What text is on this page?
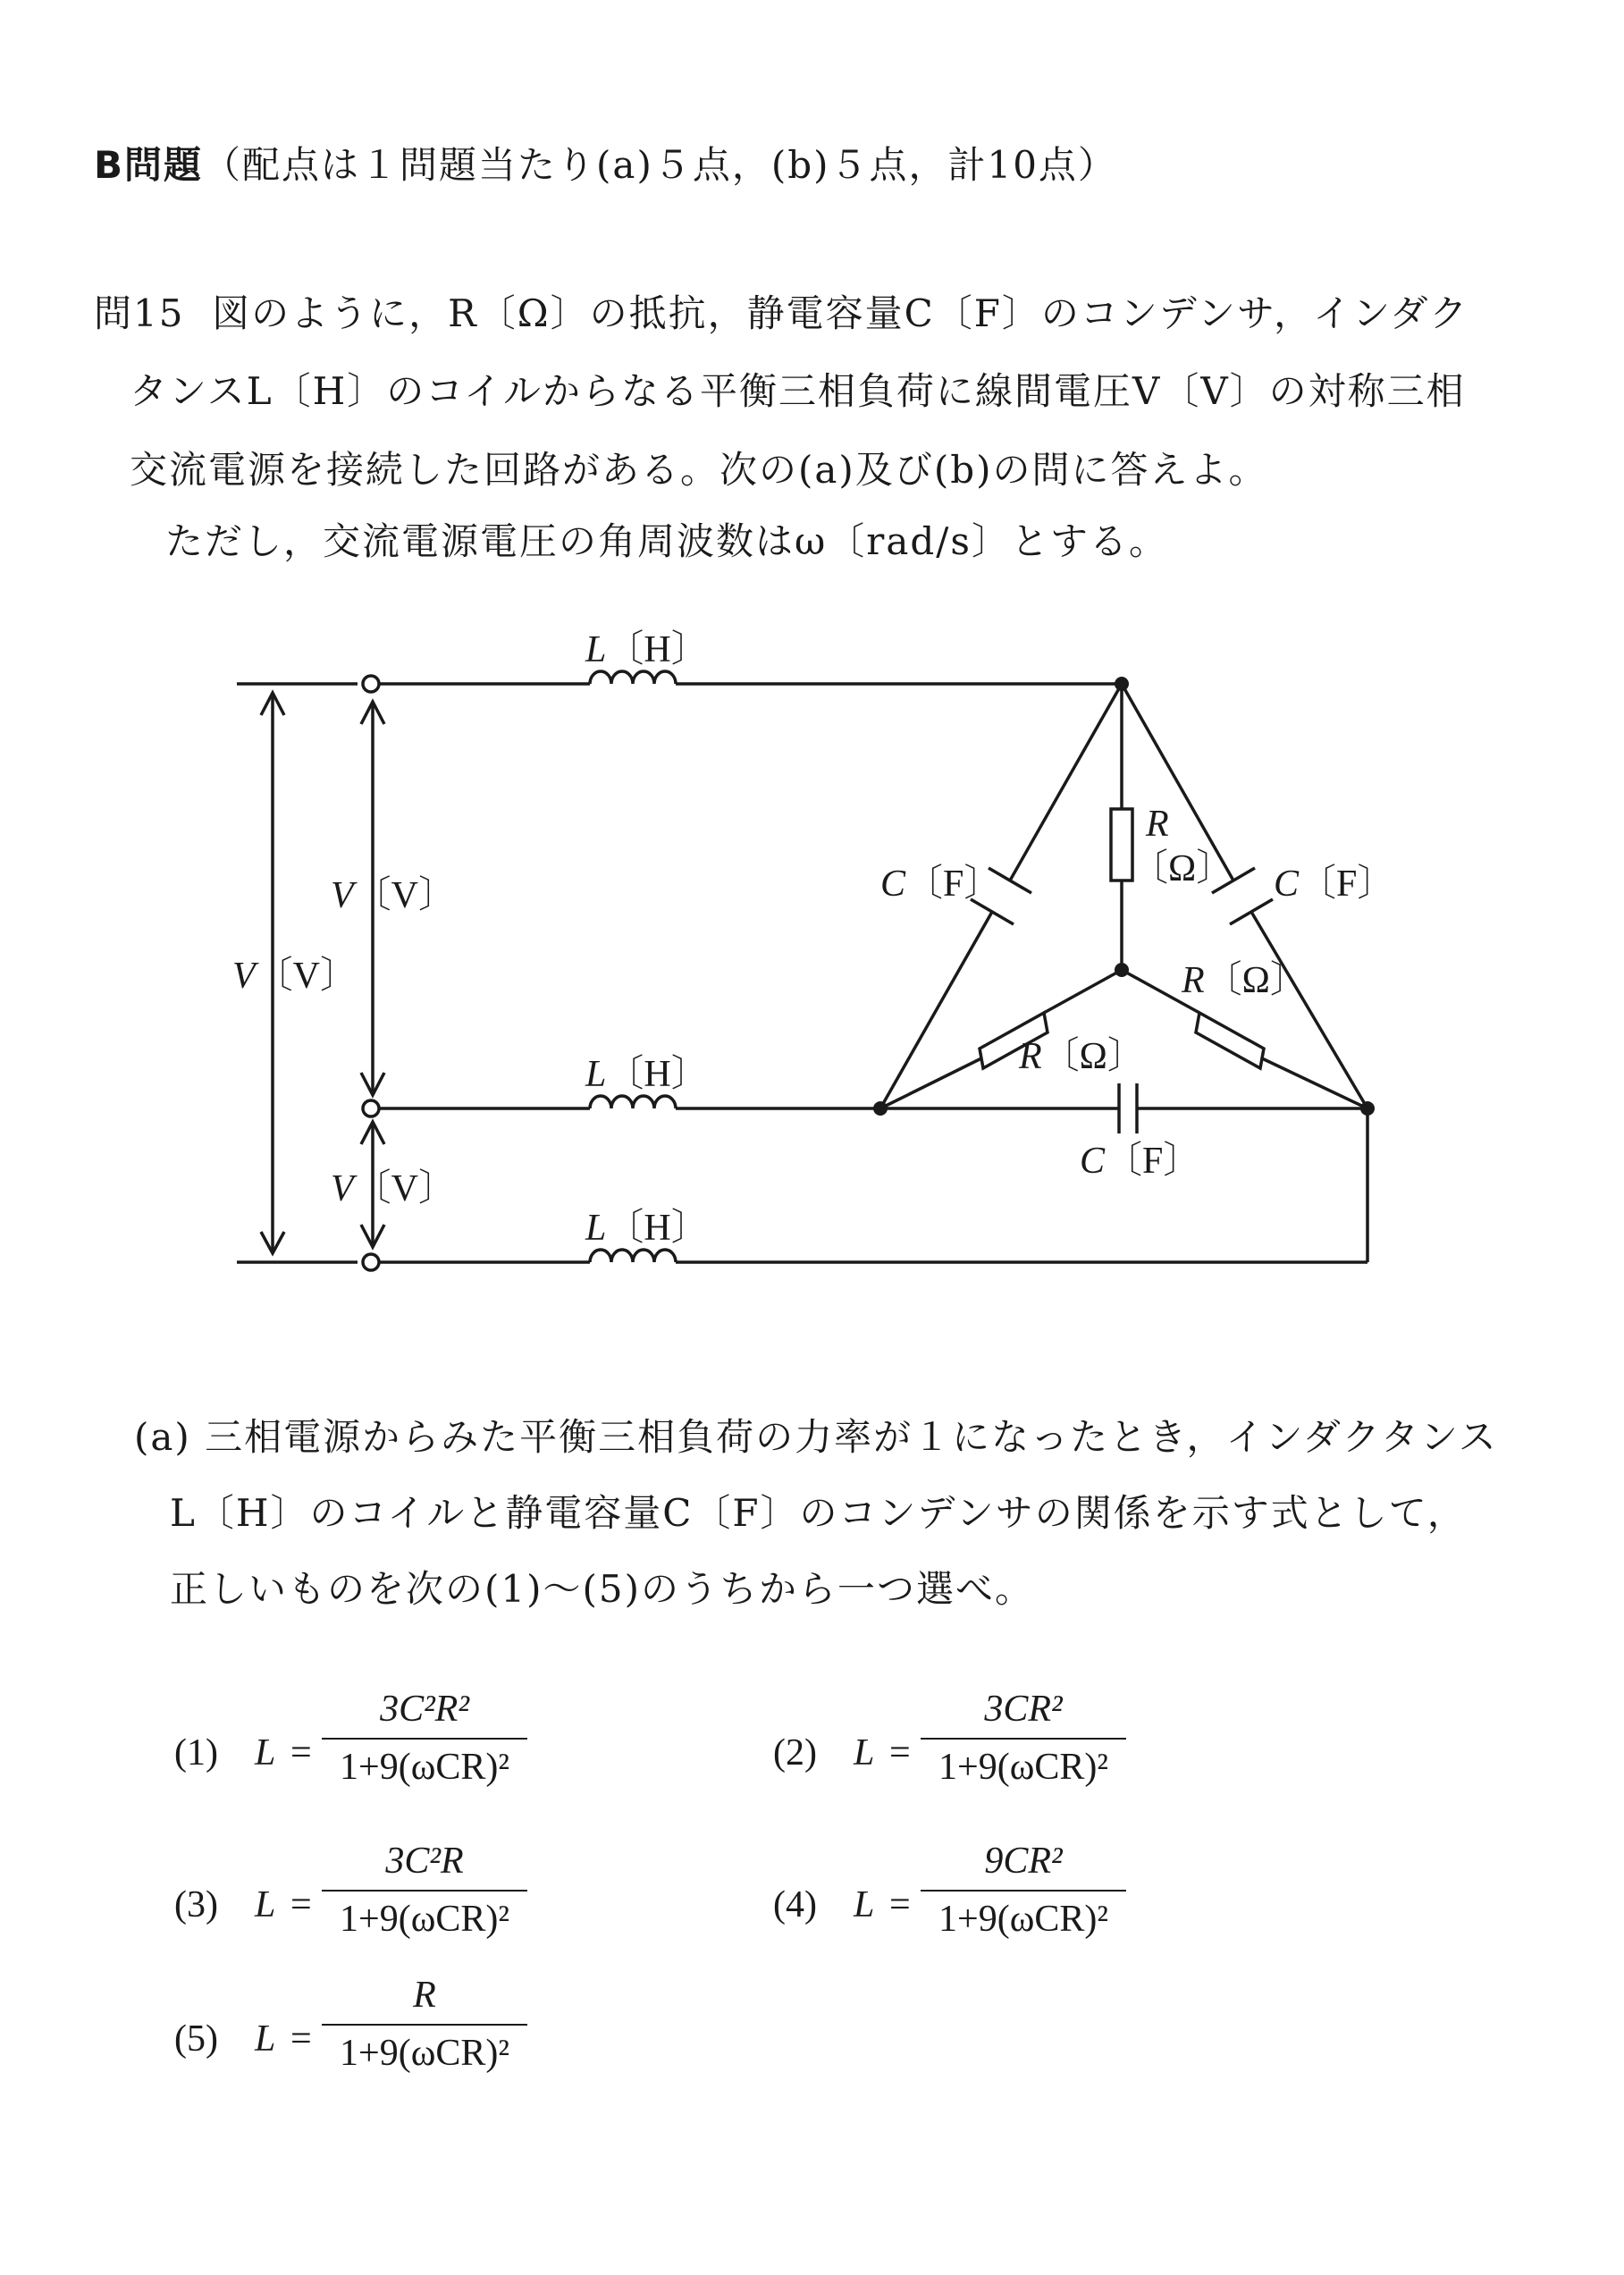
B問題（配点は１問題当たり(a)５点，(b)５点，計10点）
問15 図のように，R〔Ω〕の抵抗，静電容量C〔F〕のコンデンサ，インダク
タンスL〔H〕のコイルからなる平衡三相負荷に線間電圧V〔V〕の対称三相
交流電源を接続した回路がある。次の(a)及び(b)の問に答えよ。
ただし，交流電源電圧の角周波数はω〔rad/s〕とする。
L〔H〕
L〔H〕
L〔H〕
V〔V〕
V〔V〕
V〔V〕
R
〔Ω〕
R〔Ω〕
R〔Ω〕
C〔F〕	C〔F〕
C〔F〕
(a) 三相電源からみた平衡三相負荷の力率が１になったとき，インダクタンス
L〔H〕のコイルと静電容量C〔F〕のコンデンサの関係を示す式として，
正しいものを次の(1)～(5)のうちから一つ選べ。
(1) L =
3C²R²
1+9(ωCR)²	(2) L =
3CR²
1+9(ωCR)²
(3) L =
3C²R
1+9(ωCR)²	(4) L =
9CR²
1+9(ωCR)²
(5) L =
R
1+9(ωCR)²
